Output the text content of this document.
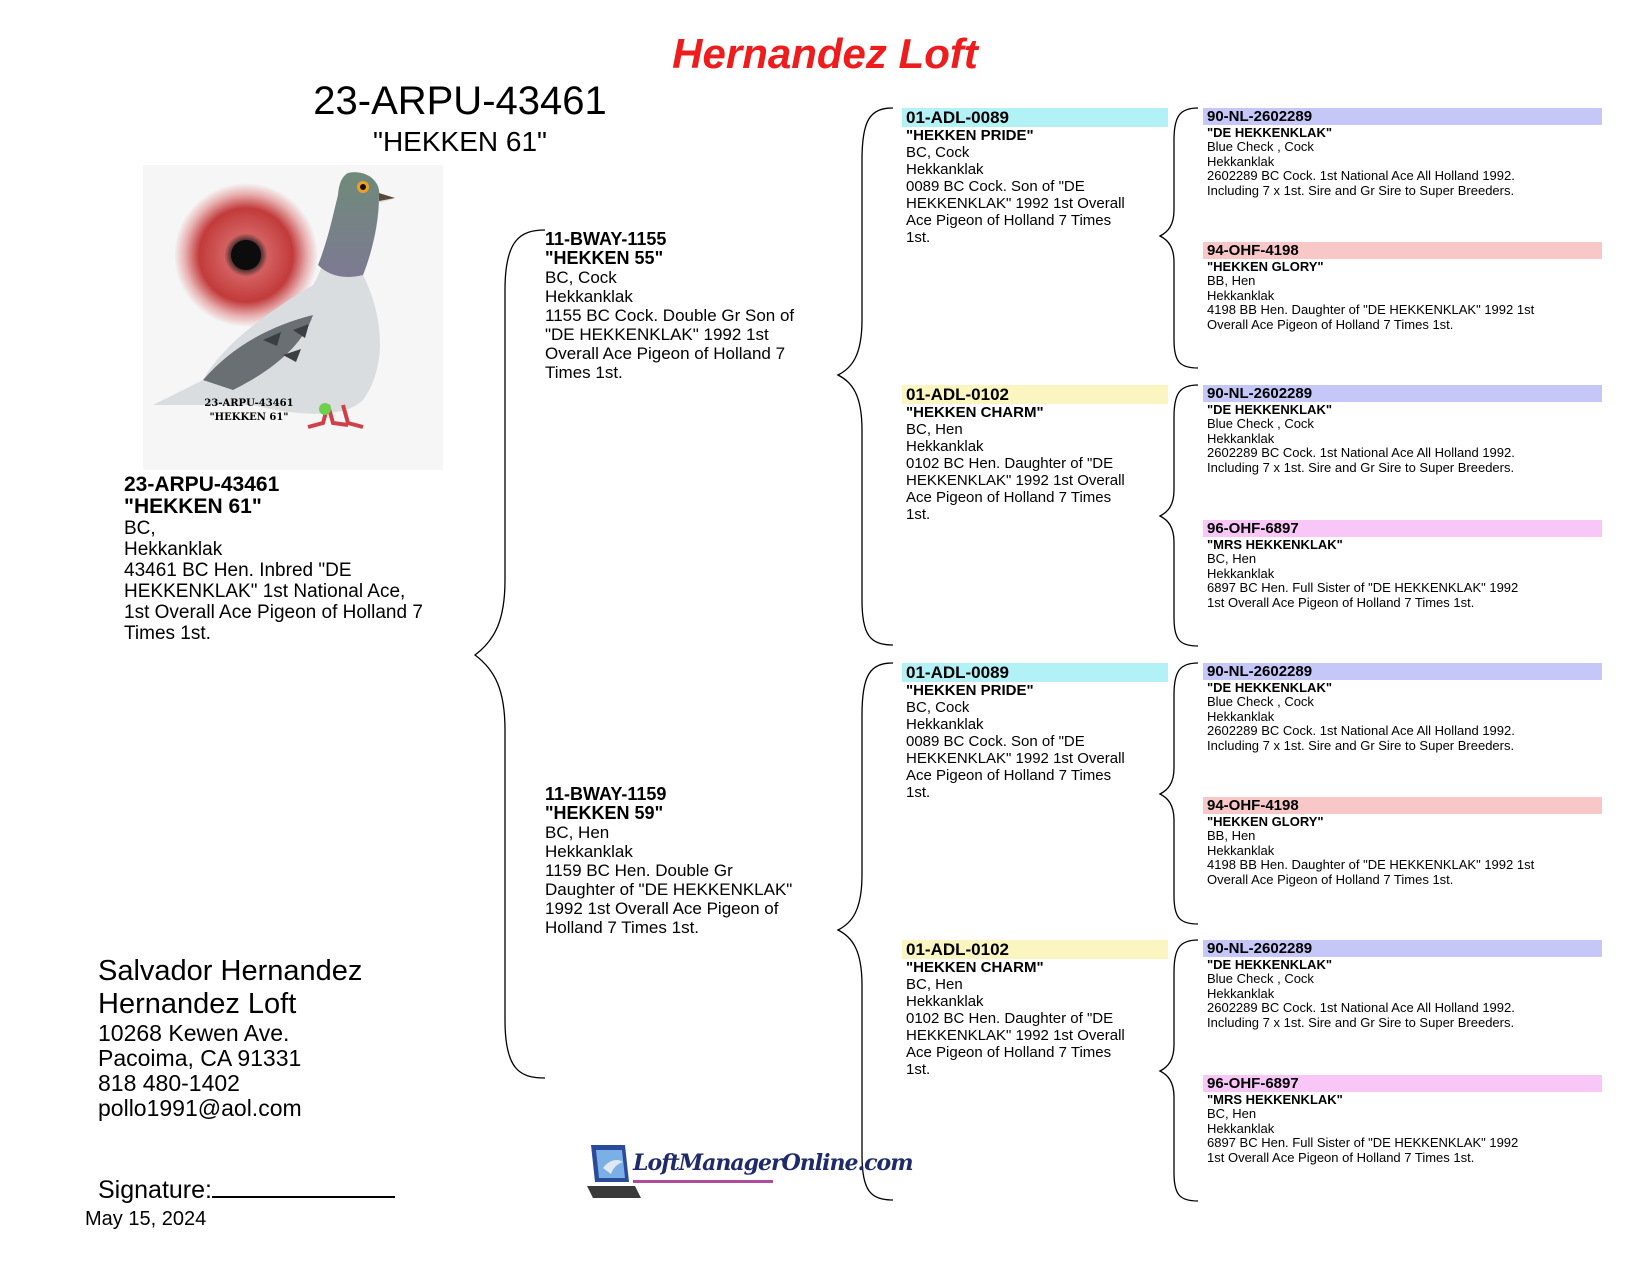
Hernandez Loft
23-ARPU-43461
"HEKKEN 61"
23-ARPU-43461
"HEKKEN 61"
23-ARPU-43461
"HEKKEN 61"
BC,
Hekkanklak
43461 BC Hen. Inbred "DE
HEKKENKLAK" 1st National Ace,
1st Overall Ace Pigeon of Holland 7
Times 1st.
11-BWAY-1155
"HEKKEN 55"
BC, Cock
Hekkanklak
1155 BC Cock. Double Gr Son of
"DE HEKKENKLAK" 1992 1st
Overall Ace Pigeon of Holland 7
Times 1st.
11-BWAY-1159
"HEKKEN 59"
BC, Hen
Hekkanklak
1159 BC Hen. Double Gr
Daughter of "DE HEKKENKLAK"
1992 1st Overall Ace Pigeon of
Holland 7 Times 1st.
01-ADL-0089
"HEKKEN PRIDE"
BC, Cock
Hekkanklak
0089 BC Cock. Son of "DE
HEKKENKLAK" 1992 1st Overall
Ace Pigeon of Holland 7 Times
1st.
01-ADL-0102
"HEKKEN CHARM"
BC, Hen
Hekkanklak
0102 BC Hen. Daughter of "DE
HEKKENKLAK" 1992 1st Overall
Ace Pigeon of Holland 7 Times
1st.
01-ADL-0089
"HEKKEN PRIDE"
BC, Cock
Hekkanklak
0089 BC Cock. Son of "DE
HEKKENKLAK" 1992 1st Overall
Ace Pigeon of Holland 7 Times
1st.
01-ADL-0102
"HEKKEN CHARM"
BC, Hen
Hekkanklak
0102 BC Hen. Daughter of "DE
HEKKENKLAK" 1992 1st Overall
Ace Pigeon of Holland 7 Times
1st.
90-NL-2602289
"DE HEKKENKLAK"
Blue Check , Cock
Hekkanklak
2602289 BC Cock. 1st National Ace All Holland 1992.
Including 7 x 1st. Sire and Gr Sire to Super Breeders.
94-OHF-4198
"HEKKEN GLORY"
BB, Hen
Hekkanklak
4198 BB Hen. Daughter of "DE HEKKENKLAK" 1992 1st
Overall Ace Pigeon of Holland 7 Times 1st.
90-NL-2602289
"DE HEKKENKLAK"
Blue Check , Cock
Hekkanklak
2602289 BC Cock. 1st National Ace All Holland 1992.
Including 7 x 1st. Sire and Gr Sire to Super Breeders.
96-OHF-6897
"MRS HEKKENKLAK"
BC, Hen
Hekkanklak
6897 BC Hen. Full Sister of "DE HEKKENKLAK" 1992
1st Overall Ace Pigeon of Holland 7 Times 1st.
90-NL-2602289
"DE HEKKENKLAK"
Blue Check , Cock
Hekkanklak
2602289 BC Cock. 1st National Ace All Holland 1992.
Including 7 x 1st. Sire and Gr Sire to Super Breeders.
94-OHF-4198
"HEKKEN GLORY"
BB, Hen
Hekkanklak
4198 BB Hen. Daughter of "DE HEKKENKLAK" 1992 1st
Overall Ace Pigeon of Holland 7 Times 1st.
90-NL-2602289
"DE HEKKENKLAK"
Blue Check , Cock
Hekkanklak
2602289 BC Cock. 1st National Ace All Holland 1992.
Including 7 x 1st. Sire and Gr Sire to Super Breeders.
96-OHF-6897
"MRS HEKKENKLAK"
BC, Hen
Hekkanklak
6897 BC Hen. Full Sister of "DE HEKKENKLAK" 1992
1st Overall Ace Pigeon of Holland 7 Times 1st.
Salvador Hernandez
Hernandez Loft
10268 Kewen Ave.
Pacoima, CA 91331
818 480-1402
pollo1991@aol.com
LoftManagerOnline.com
Signature:
May 15, 2024
